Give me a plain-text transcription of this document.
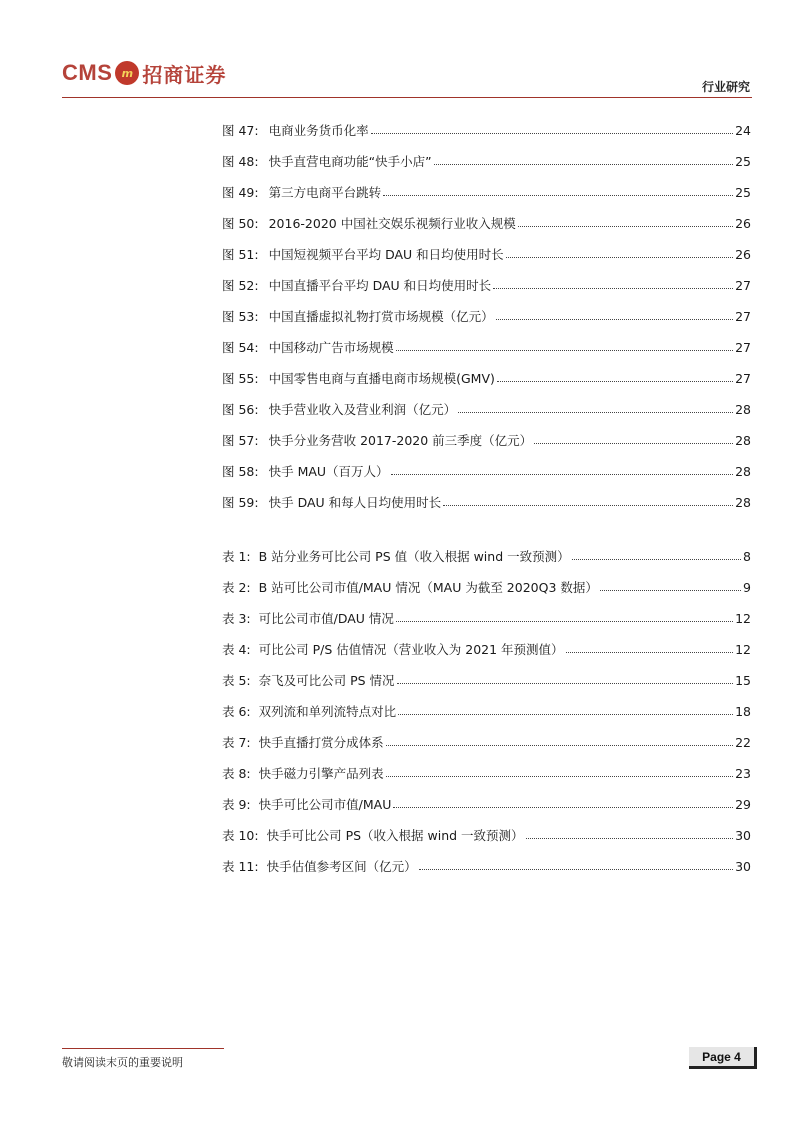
CMS m 招商证券
行业研究
图 47: 电商业务货币化率	24
图 48: 快手直营电商功能“快手小店”	25
图 49: 第三方电商平台跳转	25
图 50: 2016-2020 中国社交娱乐视频行业收入规模	26
图 51: 中国短视频平台平均 DAU 和日均使用时长	26
图 52: 中国直播平台平均 DAU 和日均使用时长	27
图 53: 中国直播虚拟礼物打赏市场规模（亿元）	27
图 54: 中国移动广告市场规模	27
图 55: 中国零售电商与直播电商市场规模(GMV)	27
图 56: 快手营业收入及营业利润（亿元）	28
图 57: 快手分业务营收 2017-2020 前三季度（亿元）	28
图 58: 快手 MAU（百万人）	28
图 59: 快手 DAU 和每人日均使用时长	28
表 1: B 站分业务可比公司 PS 值（收入根据 wind 一致预测）	8
表 2: B 站可比公司市值/MAU 情况（MAU 为截至 2020Q3 数据）	9
表 3: 可比公司市值/DAU 情况	12
表 4: 可比公司 P/S 估值情况（营业收入为 2021 年预测值）	12
表 5: 奈飞及可比公司 PS 情况	15
表 6: 双列流和单列流特点对比	18
表 7: 快手直播打赏分成体系	22
表 8: 快手磁力引擎产品列表	23
表 9: 快手可比公司市值/MAU	29
表 10: 快手可比公司 PS（收入根据 wind 一致预测）	30
表 11: 快手估值参考区间（亿元）	30
敬请阅读末页的重要说明	Page 4
